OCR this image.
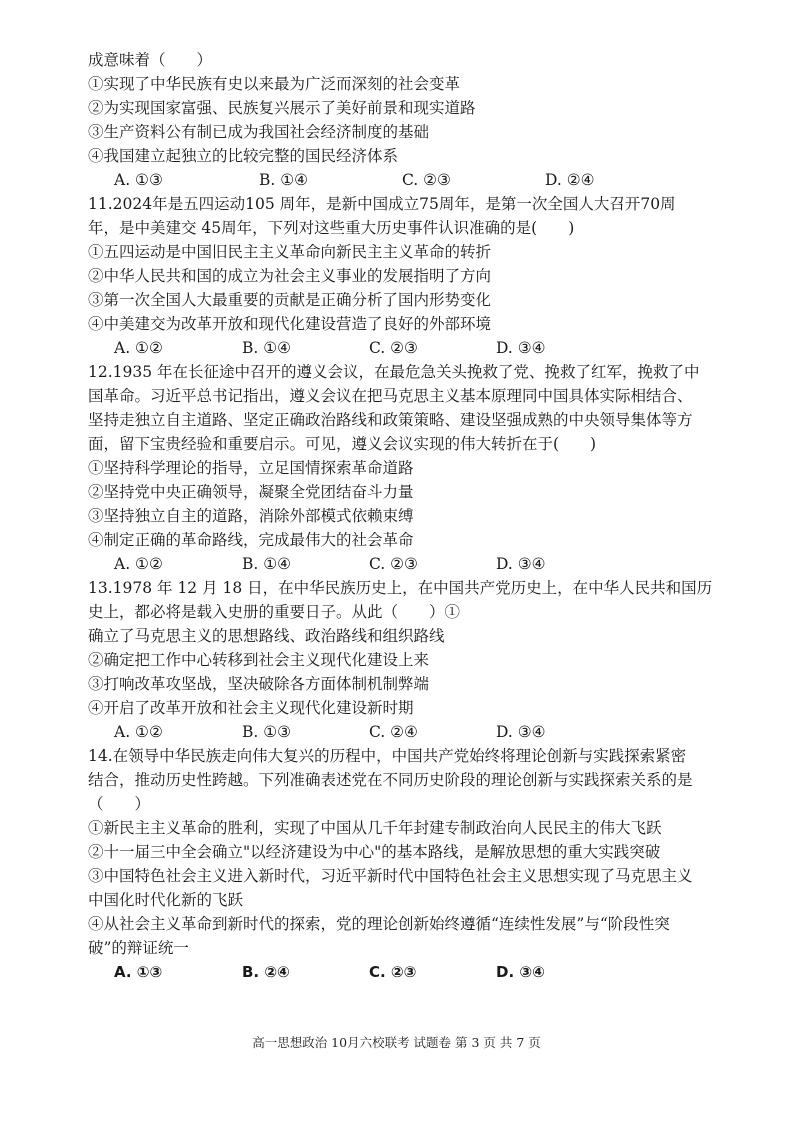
成意味着（　　）
①实现了中华民族有史以来最为广泛而深刻的社会变革
②为实现国家富强、民族复兴展示了美好前景和现实道路
③生产资料公有制已成为我国社会经济制度的基础
④我国建立起独立的比较完整的国民经济体系
A. ①③	B. ①④	C. ②③	D. ②④
11.2024年是五四运动105 周年，是新中国成立75周年，是第一次全国人大召开70周
年，是中美建交 45周年，下列对这些重大历史事件认识准确的是(　　)
①五四运动是中国旧民主主义革命向新民主主义革命的转折
②中华人民共和国的成立为社会主义事业的发展指明了方向
③第一次全国人大最重要的贡献是正确分析了国内形势变化
④中美建交为改革开放和现代化建设营造了良好的外部环境
A. ①②	B. ①④	C. ②③	D. ③④
12.1935 年在长征途中召开的遵义会议，在最危急关头挽救了党、挽救了红军，挽救了中
国革命。习近平总书记指出，遵义会议在把马克思主义基本原理同中国具体实际相结合、
坚持走独立自主道路、坚定正确政治路线和政策策略、建设坚强成熟的中央领导集体等方
面，留下宝贵经验和重要启示。可见，遵义会议实现的伟大转折在于(　　)
①坚持科学理论的指导，立足国情探索革命道路
②坚持党中央正确领导，凝聚全党团结奋斗力量
③坚持独立自主的道路，消除外部模式依赖束缚
④制定正确的革命路线，完成最伟大的社会革命
A. ①②	B. ①④	C. ②③	D. ③④
13.1978 年 12 月 18 日，在中华民族历史上，在中国共产党历史上，在中华人民共和国历
史上，都必将是载入史册的重要日子。从此（　　）①
确立了马克思主义的思想路线、政治路线和组织路线
②确定把工作中心转移到社会主义现代化建设上来
③打响改革攻坚战，坚决破除各方面体制机制弊端
④开启了改革开放和社会主义现代化建设新时期
A. ①②	B. ①③	C. ②④	D. ③④
14.在领导中华民族走向伟大复兴的历程中，中国共产党始终将理论创新与实践探索紧密
结合，推动历史性跨越。下列准确表述党在不同历史阶段的理论创新与实践探索关系的是
（　　）
①新民主主义革命的胜利，实现了中国从几千年封建专制政治向人民民主的伟大飞跃
②十一届三中全会确立"以经济建设为中心"的基本路线，是解放思想的重大实践突破
③中国特色社会主义进入新时代，习近平新时代中国特色社会主义思想实现了马克思主义
中国化时代化新的飞跃
④从社会主义革命到新时代的探索，党的理论创新始终遵循“连续性发展”与“阶段性突
破”的辩证统一
A. ①③	B. ②④	C. ②③	D. ③④
高一思想政治 10月六校联考 试题卷 第 3 页 共 7 页
